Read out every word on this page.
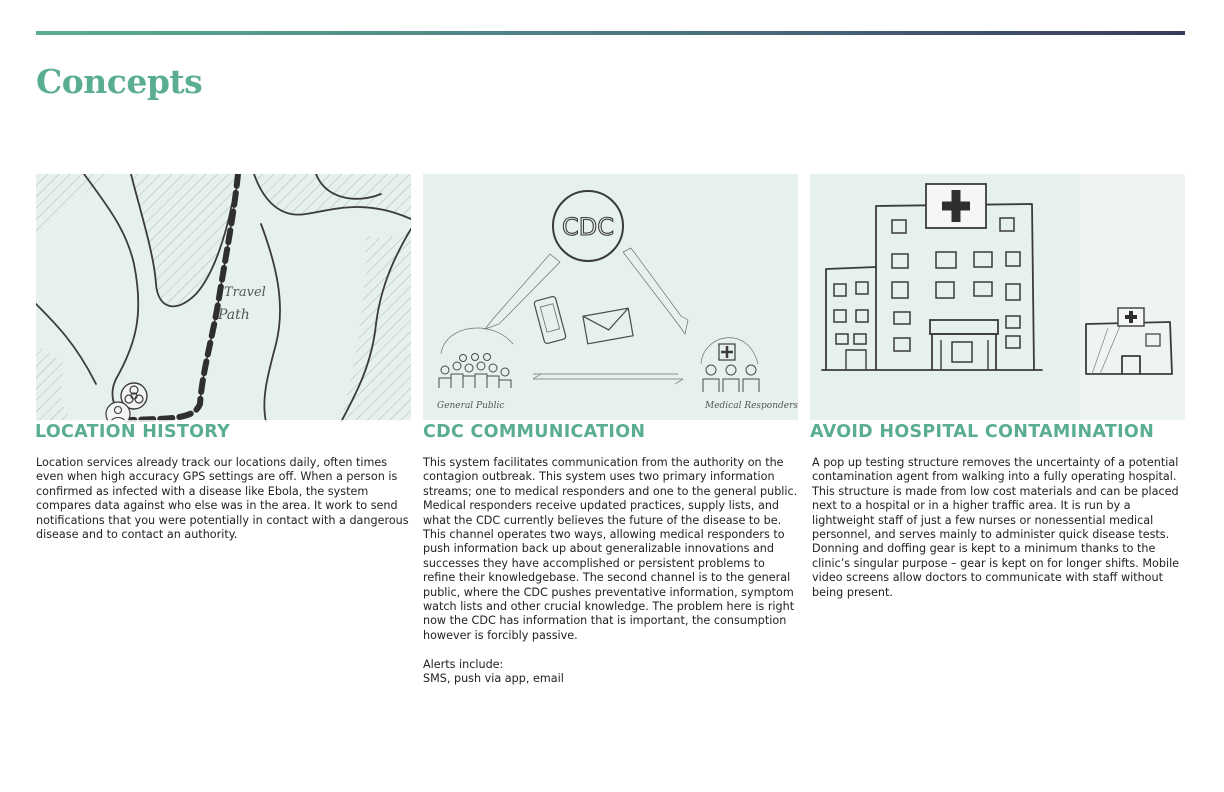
Concepts
Travel
Path
LOCATION HISTORY

Location services already track our locations daily, often times even when high accuracy GPS settings are off. When a person is confirmed as infected with a disease like Ebola, the system compares data against who else was in the area. It work to send notifications that you were potentially in contact with a dangerous disease and to contact an authority.

CDC
General Public	Medical Responders
CDC COMMUNICATION

This system facilitates communication from the authority on the contagion outbreak. This system uses two primary information streams; one to medical responders and one to the general public. Medical responders receive updated practices, supply lists, and what the CDC currently believes the future of the disease to be. This channel operates two ways, allowing medical responders to push information back up about generalizable innovations and successes they have accomplished or persistent problems to refine their knowledgebase. The second channel is to the general public, where the CDC pushes preventative information, symptom watch lists and other crucial knowledge. The problem here is right now the CDC has information that is important, the consumption however is forcibly passive.

Alerts include:
SMS, push via app, email

AVOID HOSPITAL CONTAMINATION

A pop up testing structure removes the uncertainty of a potential contamination agent from walking into a fully operating hospital. This structure is made from low cost materials and can be placed next to a hospital or in a higher traffic area. It is run by a lightweight staff of just a few nurses or nonessential medical personnel, and serves mainly to administer quick disease tests. Donning and doffing gear is kept to a minimum thanks to the clinic’s singular purpose – gear is kept on for longer shifts. Mobile video screens allow doctors to communicate with staff without being present.
